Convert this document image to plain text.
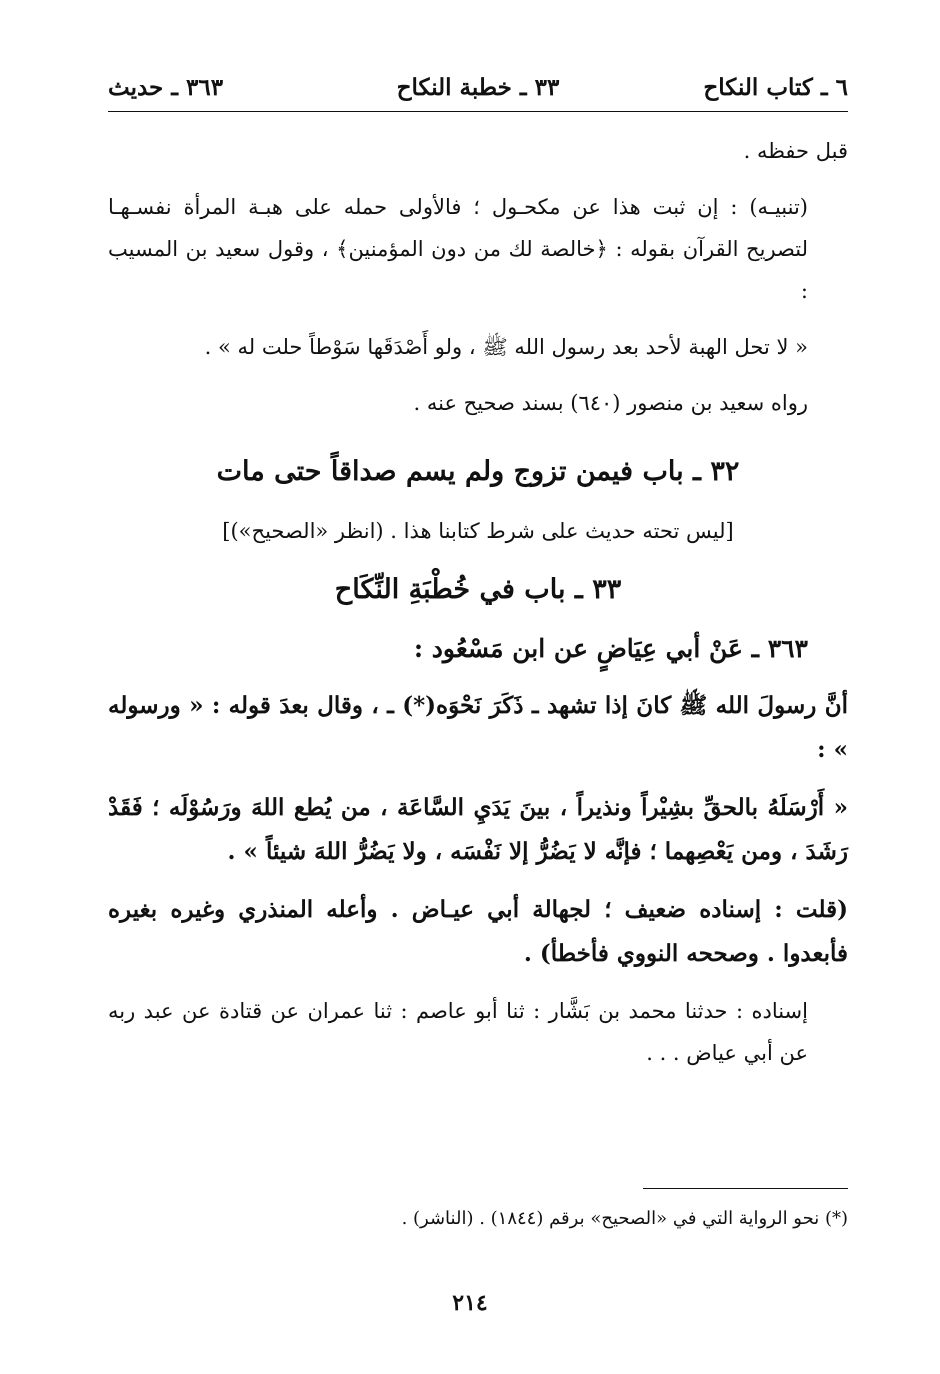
٦ ـ كتاب النكاح
٣٣ ـ خطبة النكاح
٣٦٣ ـ حديث

قبل حفظه .

(تنبيـه) : إن ثبت هذا عن مكحـول ؛ فالأولى حمله على هبـة المرأة نفسـهـا لتصريح القرآن بقوله : ﴿خالصة لك من دون المؤمنين﴾ ، وقول سعيد بن المسيب :

« لا تحل الهبة لأحد بعد رسول الله ﷺ ، ولو أَصْدَقَها سَوْطاً حلت له » .

رواه سعيد بن منصور (٦٤٠) بسند صحيح عنه .

٣٢ ـ باب فيمن تزوج ولم يسم صداقاً حتى مات

[ليس تحته حديث على شرط كتابنا هذا . (انظر «الصحيح»)]

٣٣ ـ باب في خُطْبَةِ النِّكَاح

٣٦٣ ـ عَنْ أبي عِيَاضٍ عن ابن مَسْعُود :

أنَّ رسولَ الله ﷺ كانَ إذا تشهد ـ ذَكَرَ نَحْوَه(*) ـ ، وقال بعدَ قوله : « ورسوله » :

« أَرْسَلَهُ بالحقِّ بشِيْراً ونذيراً ، بينَ يَدَيِ السَّاعَة ، من يُطع اللهَ ورَسُوْلَه ؛ فَقَدْ رَشَدَ ، ومن يَعْصِهما ؛ فإنَّه لا يَضُرُّ إلا نَفْسَه ، ولا يَضُرُّ اللهَ شيئاً » .

(قلت : إسناده ضعيف ؛ لجهالة أبي عيـاض . وأعله المنذري وغيره بغيره فأبعدوا . وصححه النووي فأخطأ) .

إسناده : حدثنا محمد بن بَشَّار : ثنا أبو عاصم : ثنا عمران عن قتادة عن عبد ربه عن أبي عياض . . .

(*) نحو الرواية التي في «الصحيح» برقم (١٨٤٤) . (الناشر) .
٢١٤
